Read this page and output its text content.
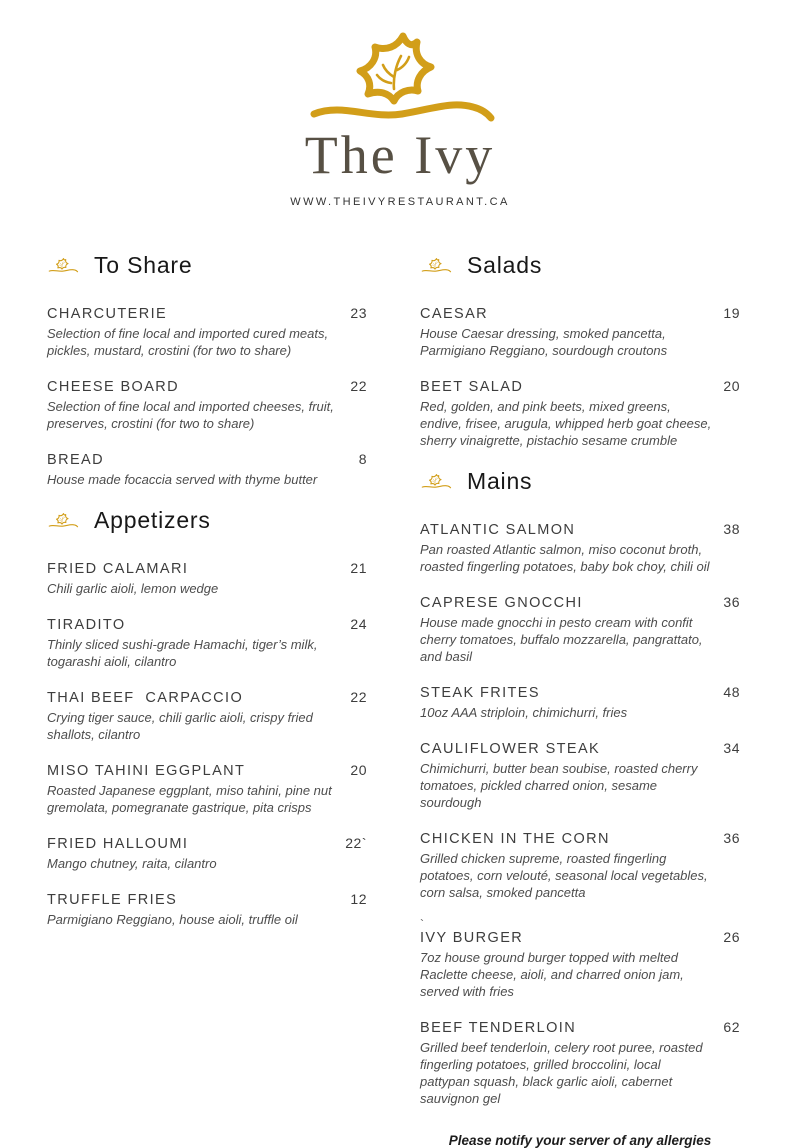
The Ivy
WWW.THEIVYRESTAURANT.CA
To Share
CHARCUTERIE	23
Selection of fine local and imported cured meats, pickles, mustard, crostini (for two to share)
CHEESE BOARD	22
Selection of fine local and imported cheeses, fruit, preserves, crostini (for two to share)
BREAD	8
House made focaccia served with thyme butter
Appetizers
FRIED CALAMARI	21
Chili garlic aioli, lemon wedge
TIRADITO	24
Thinly sliced sushi-grade Hamachi, tiger’s milk, togarashi aioli, cilantro
THAI BEEF  CARPACCIO	22
Crying tiger sauce, chili garlic aioli, crispy fried shallots, cilantro
MISO TAHINI EGGPLANT	20
Roasted Japanese eggplant, miso tahini, pine nut gremolata, pomegranate gastrique, pita crisps
FRIED HALLOUMI	22`
Mango chutney, raita, cilantro
TRUFFLE FRIES	12
Parmigiano Reggiano, house aioli, truffle oil
Salads
CAESAR	19
House Caesar dressing, smoked pancetta, Parmigiano Reggiano, sourdough croutons
BEET SALAD	20
Red, golden, and pink beets, mixed greens, endive, frisee, arugula, whipped herb goat cheese, sherry vinaigrette, pistachio sesame crumble
Mains
ATLANTIC SALMON	38
Pan roasted Atlantic salmon, miso coconut broth, roasted fingerling potatoes, baby bok choy, chili oil
CAPRESE GNOCCHI	36
House made gnocchi in pesto cream with confit cherry tomatoes, buffalo mozzarella, pangrattato, and basil
STEAK FRITES	48
10oz AAA striploin, chimichurri, fries
CAULIFLOWER STEAK	34
Chimichurri, butter bean soubise, roasted cherry tomatoes, pickled charred onion, sesame sourdough
CHICKEN IN THE CORN	36
Grilled chicken supreme, roasted fingerling potatoes, corn velouté, seasonal local vegetables, corn salsa, smoked pancetta
`
IVY BURGER	26
7oz house ground burger topped with melted Raclette cheese, aioli, and charred onion jam, served with fries
BEEF TENDERLOIN	62
Grilled beef tenderloin, celery root puree, roasted fingerling potatoes, grilled broccolini, local pattypan squash, black garlic aioli, cabernet sauvignon gel
Please notify your server of any allergies
